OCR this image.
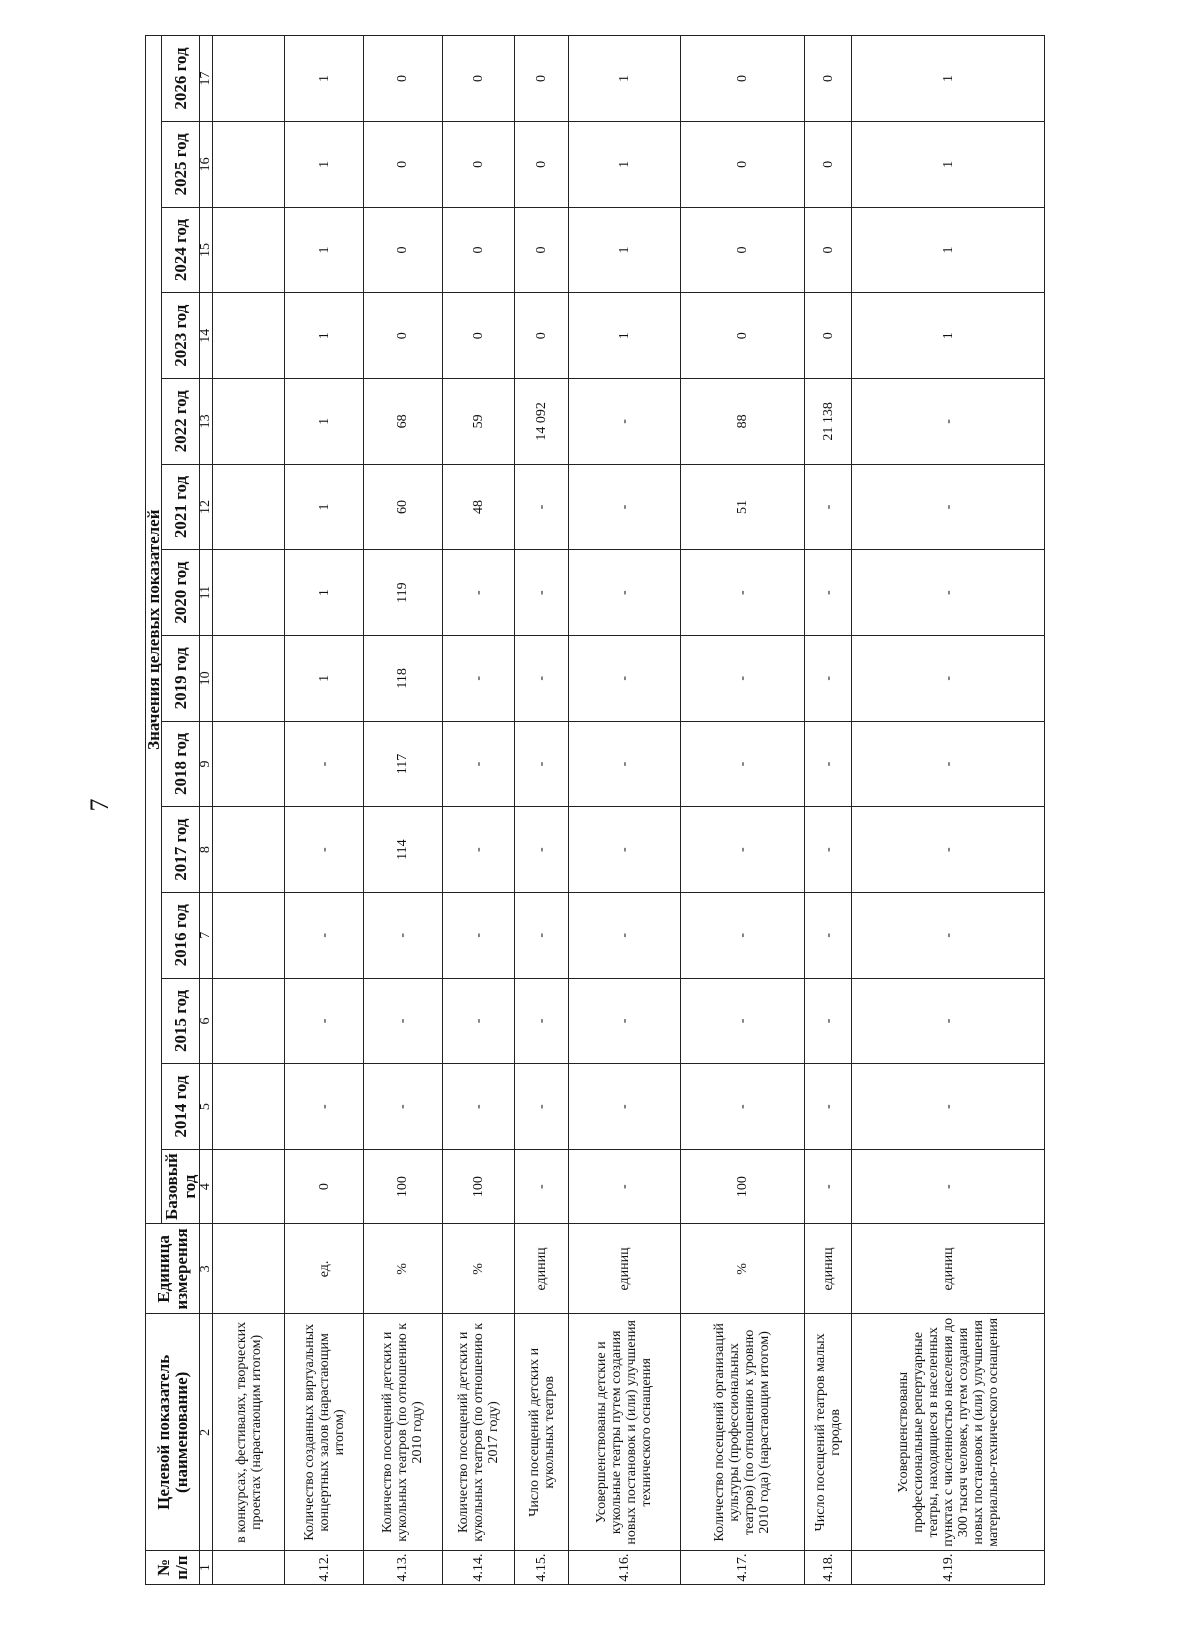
7
№ п/п	Целевой показатель (наименование)	Единица измерения	Значения целевых показателей													
			Базовый год	2014 год	2015 год	2016 год	2017 год	2018 год	2019 год	2020 год	2021 год	2022 год	2023 год	2024 год	2025 год	2026 год
1	2	3	4	5	6	7	8	9	10	11	12	13	14	15	16	17
	в конкурсах, фестивалях, творческих проектах (нарастающим итогом)															
4.12.	Количество созданных виртуальных концертных залов (нарастающим итогом)	ед.	0	-	-	-	-	-	1	1	1	1	1	1	1	1
4.13.	Количество посещений детских и кукольных театров (по отношению к 2010 году)	%	100	-	-	-	114	117	118	119	60	68	0	0	0	0
4.14.	Количество посещений детских и кукольных театров (по отношению к 2017 году)	%	100	-	-	-	-	-	-	-	48	59	0	0	0	0
4.15.	Число посещений детских и кукольных театров	единиц	-	-	-	-	-	-	-	-	-	14 092	0	0	0	0
4.16.	Усовершенствованы детские и кукольные театры путем создания новых постановок и (или) улучшения технического оснащения	единиц	-	-	-	-	-	-	-	-	-	-	1	1	1	1
4.17.	Количество посещений организаций культуры (профессиональных театров) (по отношению к уровню 2010 года) (нарастающим итогом)	%	100	-	-	-	-	-	-	-	51	88	0	0	0	0
4.18.	Число посещений театров малых городов	единиц	-	-	-	-	-	-	-	-	-	21 138	0	0	0	0
4.19.	Усовершенствованы профессиональные репертуарные театры, находящиеся в населенных пунктах с численностью населения до 300 тысяч человек, путем создания новых постановок и (или) улучшения материально-технического оснащения	единиц	-	-	-	-	-	-	-	-	-	-	1	1	1	1
